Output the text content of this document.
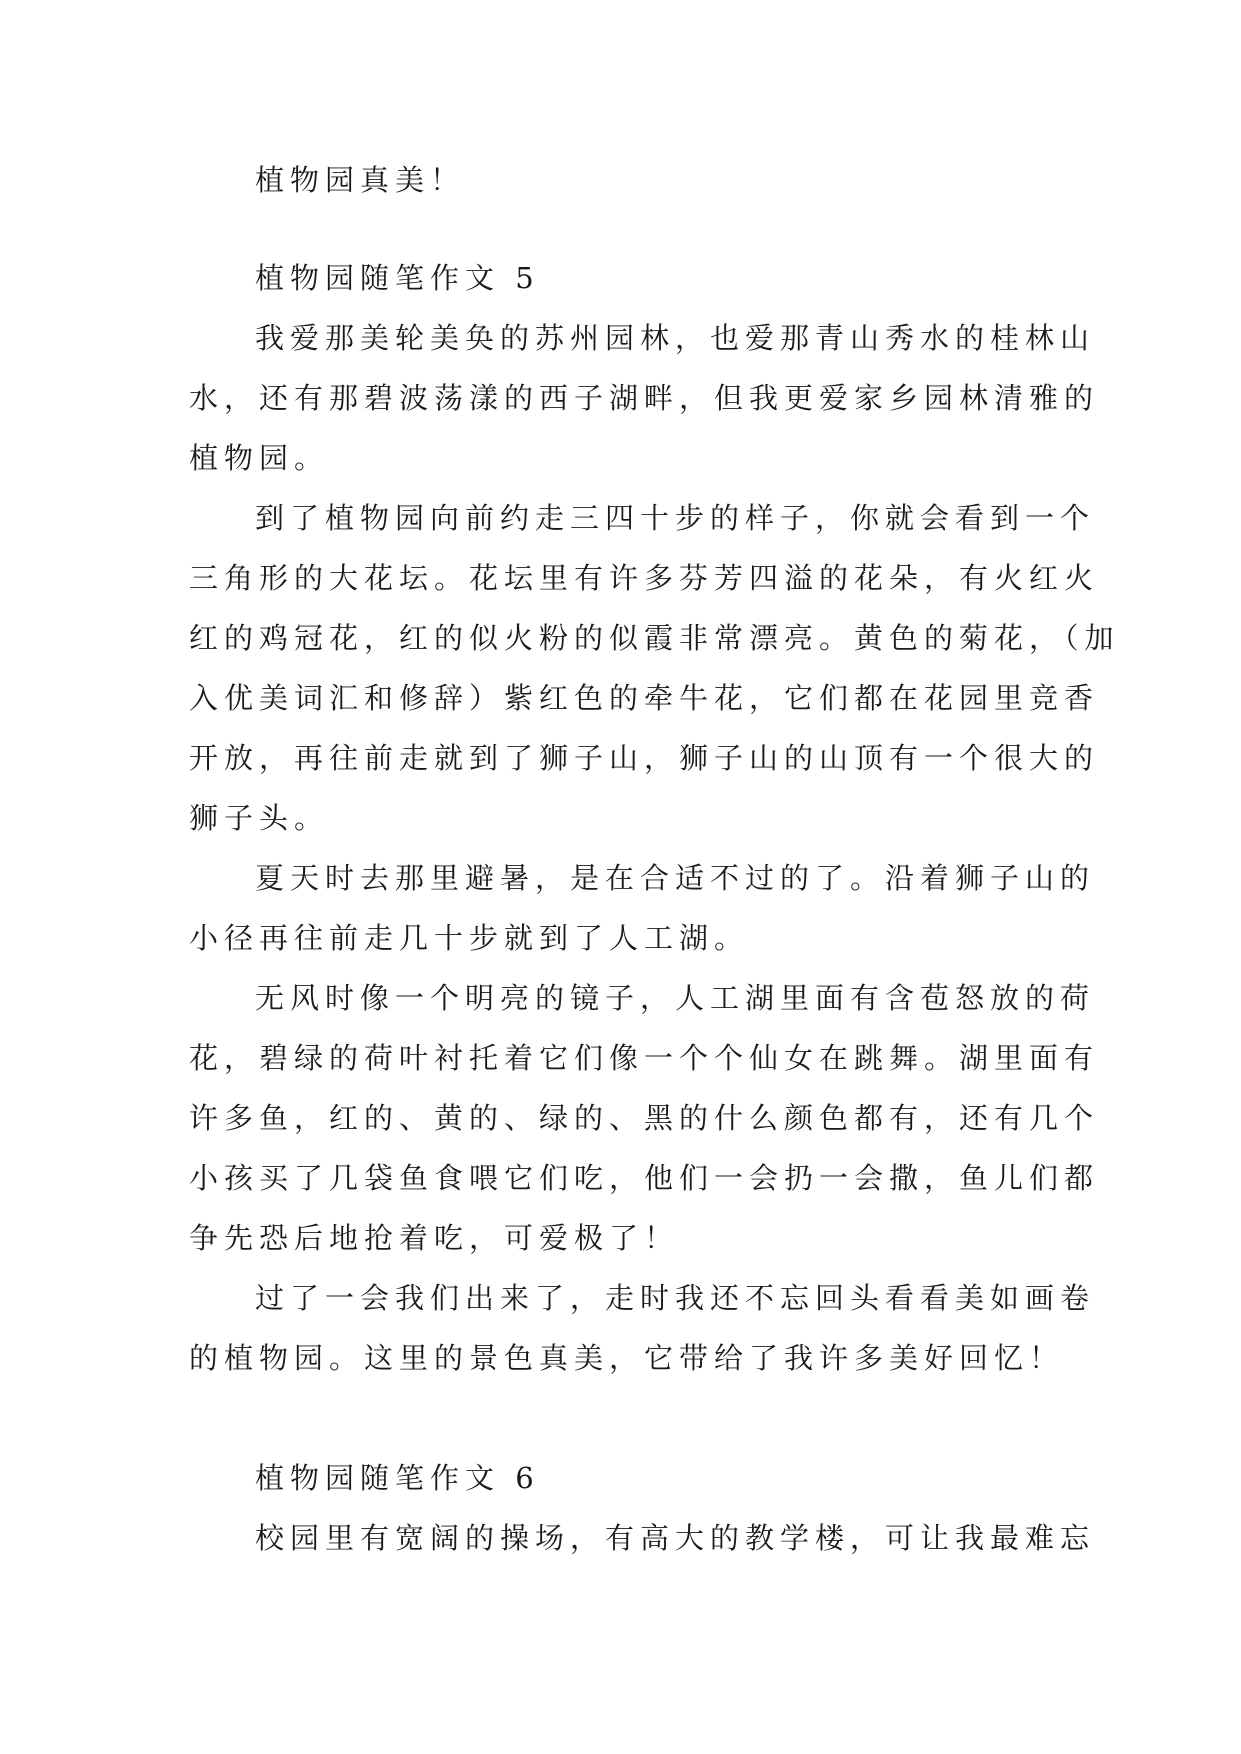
植物园真美！

植物园随笔作文 5

我爱那美轮美奂的苏州园林，也爱那青山秀水的桂林山

水，还有那碧波荡漾的西子湖畔，但我更爱家乡园林清雅的

植物园。

到了植物园向前约走三四十步的样子，你就会看到一个

三角形的大花坛。花坛里有许多芬芳四溢的花朵，有火红火

红的鸡冠花，红的似火粉的似霞非常漂亮。黄色的菊花，（加

入优美词汇和修辞）紫红色的牵牛花，它们都在花园里竞香

开放，再往前走就到了狮子山，狮子山的山顶有一个很大的

狮子头。

夏天时去那里避暑，是在合适不过的了。沿着狮子山的

小径再往前走几十步就到了人工湖。

无风时像一个明亮的镜子，人工湖里面有含苞怒放的荷

花，碧绿的荷叶衬托着它们像一个个仙女在跳舞。湖里面有

许多鱼，红的、黄的、绿的、黑的什么颜色都有，还有几个

小孩买了几袋鱼食喂它们吃，他们一会扔一会撒，鱼儿们都

争先恐后地抢着吃，可爱极了！

过了一会我们出来了，走时我还不忘回头看看美如画卷

的植物园。这里的景色真美，它带给了我许多美好回忆！

植物园随笔作文 6

校园里有宽阔的操场，有高大的教学楼，可让我最难忘
